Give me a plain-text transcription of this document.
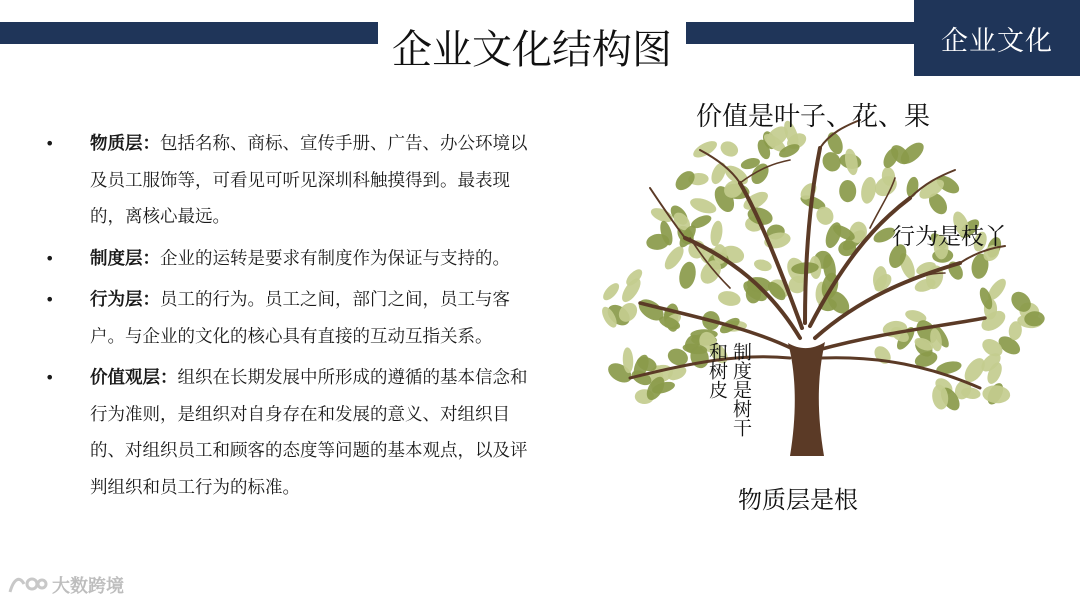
企业文化
企业文化结构图
• 物质层：包括名称、商标、宣传手册、广告、办公环境以及员工服饰等，可看见可听见深圳科触摸得到。最表现的，离核心最远。
• 制度层：企业的运转是要求有制度作为保证与支持的。
• 行为层：员工的行为。员工之间，部门之间，员工与客户。与企业的文化的核心具有直接的互动互指关系。
• 价值观层：组织在长期发展中所形成的遵循的基本信念和行为准则，是组织对自身存在和发展的意义、对组织目的、对组织员工和顾客的态度等问题的基本观点，以及评判组织和员工行为的标准。
价值是叶子、花、果
行为是枝丫
制度是树干和树皮
物质层是根
大数跨境
